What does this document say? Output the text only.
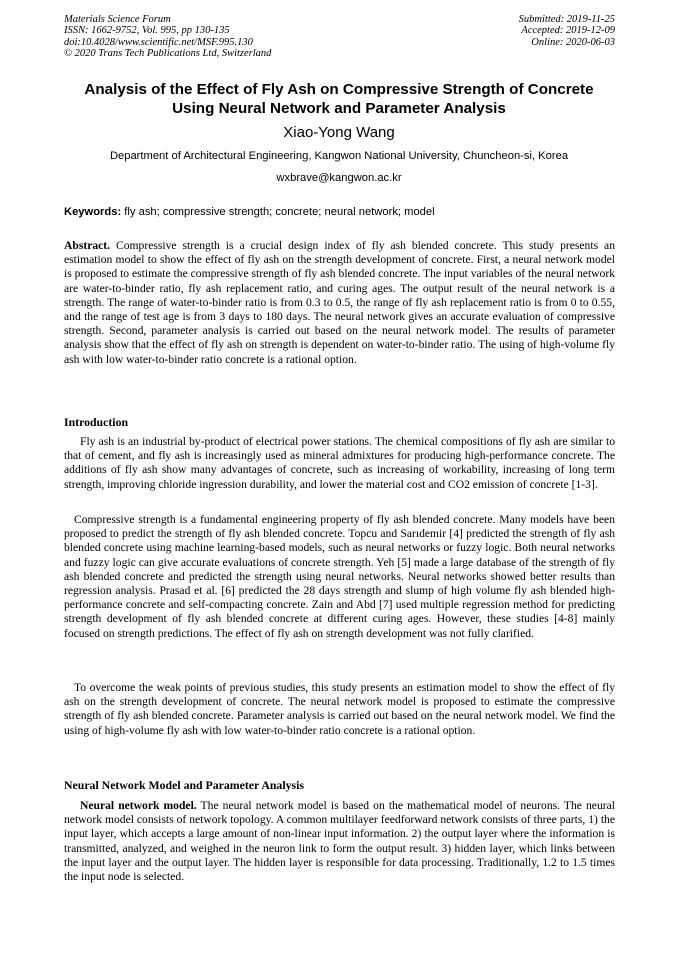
Materials Science Forum
ISSN: 1662-9752, Vol. 995, pp 130-135
doi:10.4028/www.scientific.net/MSF.995.130
© 2020 Trans Tech Publications Ltd, Switzerland
Submitted: 2019-11-25
Accepted: 2019-12-09
Online: 2020-06-03
Analysis of the Effect of Fly Ash on Compressive Strength of Concrete
Using Neural Network and Parameter Analysis
Xiao-Yong Wang
Department of Architectural Engineering, Kangwon National University, Chuncheon-si, Korea
wxbrave@kangwon.ac.kr
Keywords: fly ash; compressive strength; concrete; neural network; model
Abstract. Compressive strength is a crucial design index of fly ash blended concrete. This study presents an estimation model to show the effect of fly ash on the strength development of concrete. First, a neural network model is proposed to estimate the compressive strength of fly ash blended concrete. The input variables of the neural network are water-to-binder ratio, fly ash replacement ratio, and curing ages. The output result of the neural network is a strength. The range of water-to-binder ratio is from 0.3 to 0.5, the range of fly ash replacement ratio is from 0 to 0.55, and the range of test age is from 3 days to 180 days. The neural network gives an accurate evaluation of compressive strength. Second, parameter analysis is carried out based on the neural network model. The results of parameter analysis show that the effect of fly ash on strength is dependent on water-to-binder ratio. The using of high-volume fly ash with low water-to-binder ratio concrete is a rational option.
Introduction
Fly ash is an industrial by-product of electrical power stations. The chemical compositions of fly ash are similar to that of cement, and fly ash is increasingly used as mineral admixtures for producing high-performance concrete. The additions of fly ash show many advantages of concrete, such as increasing of workability, increasing of long term strength, improving chloride ingression durability, and lower the material cost and CO2 emission of concrete [1-3].
Compressive strength is a fundamental engineering property of fly ash blended concrete. Many models have been proposed to predict the strength of fly ash blended concrete. Topcu and Sarıdemir [4] predicted the strength of fly ash blended concrete using machine learning-based models, such as neural networks or fuzzy logic. Both neural networks and fuzzy logic can give accurate evaluations of concrete strength. Yeh [5] made a large database of the strength of fly ash blended concrete and predicted the strength using neural networks. Neural networks showed better results than regression analysis. Prasad et al. [6] predicted the 28 days strength and slump of high volume fly ash blended high-performance concrete and self-compacting concrete. Zain and Abd [7] used multiple regression method for predicting strength development of fly ash blended concrete at different curing ages. However, these studies [4-8] mainly focused on strength predictions. The effect of fly ash on strength development was not fully clarified.
To overcome the weak points of previous studies, this study presents an estimation model to show the effect of fly ash on the strength development of concrete. The neural network model is proposed to estimate the compressive strength of fly ash blended concrete. Parameter analysis is carried out based on the neural network model. We find the using of high-volume fly ash with low water-to-binder ratio concrete is a rational option.
Neural Network Model and Parameter Analysis
Neural network model. The neural network model is based on the mathematical model of neurons. The neural network model consists of network topology. A common multilayer feedforward network consists of three parts, 1) the input layer, which accepts a large amount of non-linear input information. 2) the output layer where the information is transmitted, analyzed, and weighed in the neuron link to form the output result. 3) hidden layer, which links between the input layer and the output layer. The hidden layer is responsible for data processing. Traditionally, 1.2 to 1.5 times the input node is selected.
